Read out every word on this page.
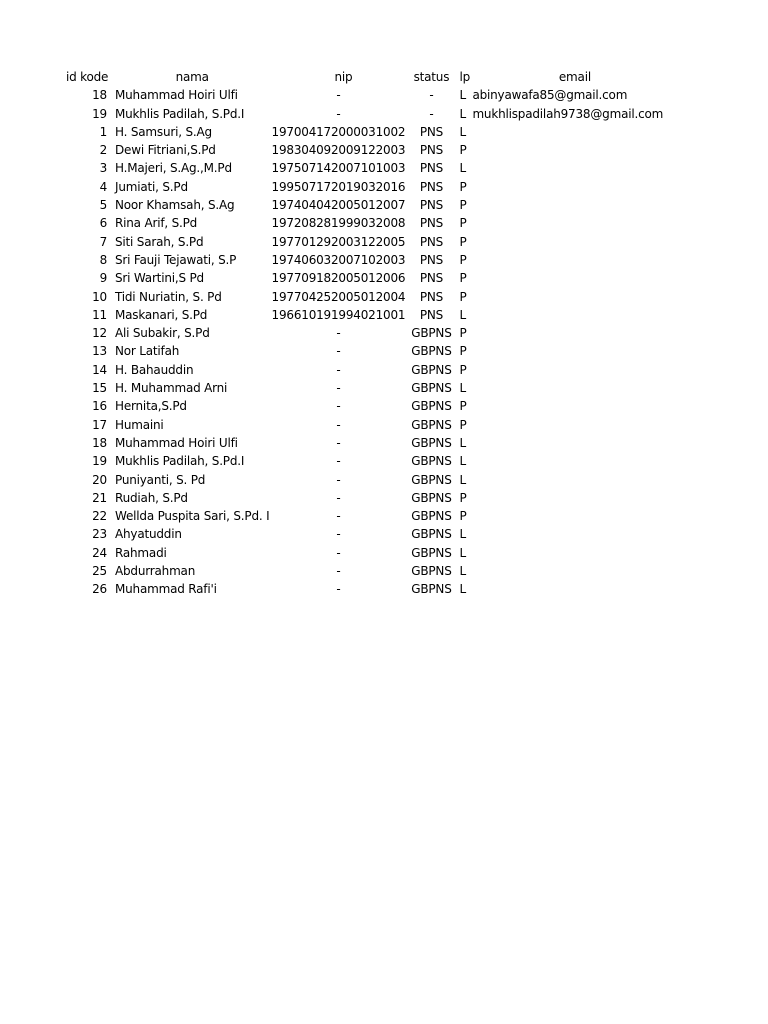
id kode	nama	nip	status	lp	email
18	Muhammad Hoiri Ulfi	-	-	L	abinyawafa85@gmail.com
19	Mukhlis Padilah, S.Pd.I	-	-	L	mukhlispadilah9738@gmail.com
1	H. Samsuri, S.Ag	197004172000031002	PNS	L	
2	Dewi Fitriani,S.Pd	198304092009122003	PNS	P	
3	H.Majeri, S.Ag.,M.Pd	197507142007101003	PNS	L	
4	Jumiati, S.Pd	199507172019032016	PNS	P	
5	Noor Khamsah, S.Ag	197404042005012007	PNS	P	
6	Rina Arif, S.Pd	197208281999032008	PNS	P	
7	Siti Sarah, S.Pd	197701292003122005	PNS	P	
8	Sri Fauji Tejawati, S.P	197406032007102003	PNS	P	
9	Sri Wartini,S Pd	197709182005012006	PNS	P	
10	Tidi Nuriatin, S. Pd	197704252005012004	PNS	P	
11	Maskanari, S.Pd	196610191994021001	PNS	L	
12	Ali Subakir, S.Pd	-	GBPNS	P	
13	Nor Latifah	-	GBPNS	P	
14	H. Bahauddin	-	GBPNS	P	
15	H. Muhammad Arni	-	GBPNS	L	
16	Hernita,S.Pd	-	GBPNS	P	
17	Humaini	-	GBPNS	P	
18	Muhammad Hoiri Ulfi	-	GBPNS	L	
19	Mukhlis Padilah, S.Pd.I	-	GBPNS	L	
20	Puniyanti, S. Pd	-	GBPNS	L	
21	Rudiah, S.Pd	-	GBPNS	P	
22	Wellda Puspita Sari, S.Pd. I	-	GBPNS	P	
23	Ahyatuddin	-	GBPNS	L	
24	Rahmadi	-	GBPNS	L	
25	Abdurrahman	-	GBPNS	L	
26	Muhammad Rafi'i	-	GBPNS	L	
